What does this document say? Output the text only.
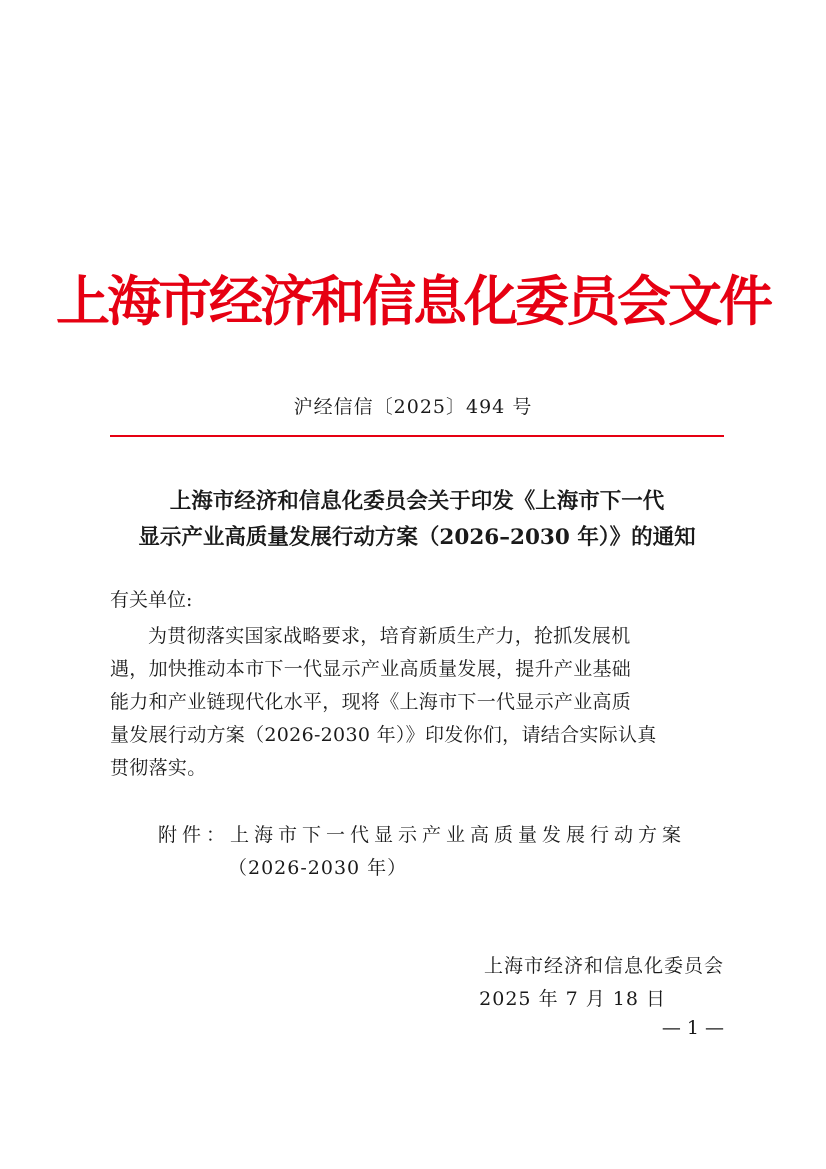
上海市经济和信息化委员会文件
沪经信信〔2025〕494 号
上海市经济和信息化委员会关于印发《上海市下一代
显示产业高质量发展行动方案（2026–2030 年）》的通知
有关单位:
为贯彻落实国家战略要求，培育新质生产力，抢抓发展机
遇，加快推动本市下一代显示产业高质量发展，提升产业基础
能力和产业链现代化水平，现将《上海市下一代显示产业高质
量发展行动方案（2026-2030 年）》印发你们，请结合实际认真
贯彻落实。
附件：上海市下一代显示产业高质量发展行动方案
（2026-2030 年）
上海市经济和信息化委员会
2025 年 7 月 18 日
— 1 —
